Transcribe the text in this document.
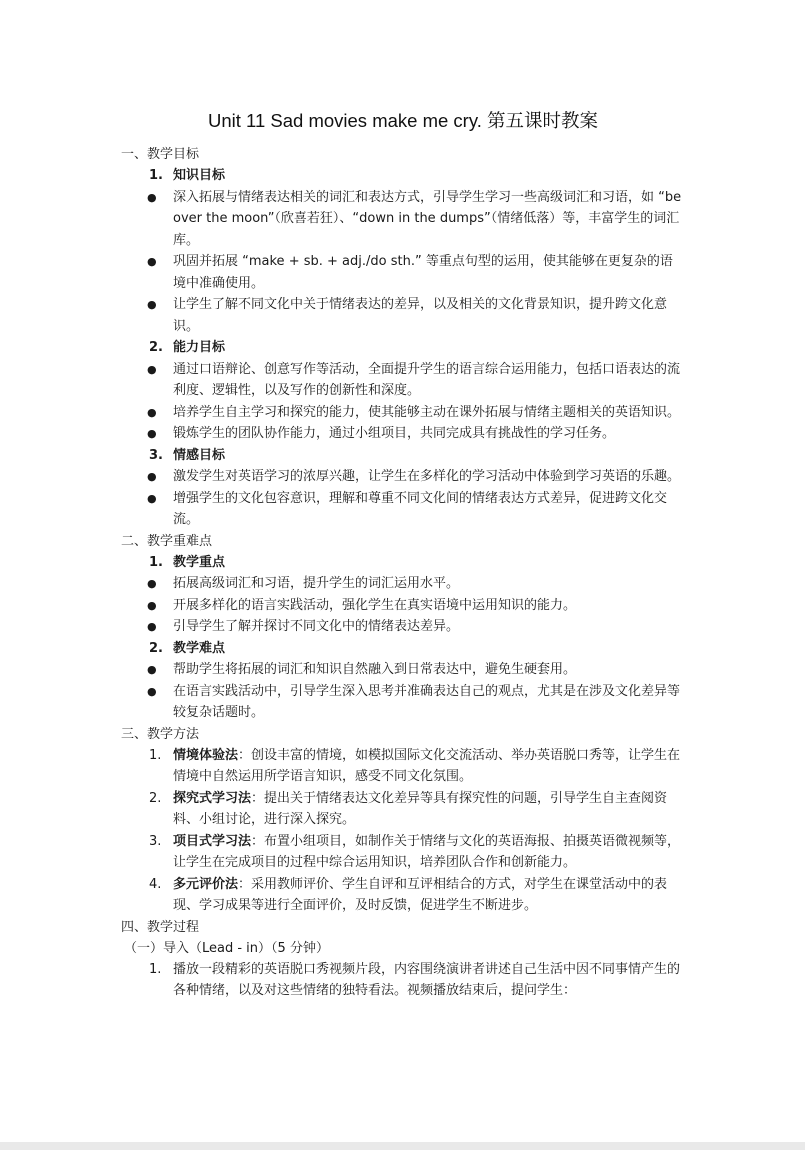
Unit 11 Sad movies make me cry. 第五课时教案
一、教学目标
1. 知识目标
● 深入拓展与情绪表达相关的词汇和表达方式，引导学生学习一些高级词汇和习语，如 “be over the moon”（欣喜若狂）、“down in the dumps”（情绪低落）等，丰富学生的词汇库。
● 巩固并拓展 “make + sb. + adj./do sth.” 等重点句型的运用，使其能够在更复杂的语境中准确使用。
● 让学生了解不同文化中关于情绪表达的差异，以及相关的文化背景知识，提升跨文化意识。
2. 能力目标
● 通过口语辩论、创意写作等活动，全面提升学生的语言综合运用能力，包括口语表达的流利度、逻辑性，以及写作的创新性和深度。
● 培养学生自主学习和探究的能力，使其能够主动在课外拓展与情绪主题相关的英语知识。
● 锻炼学生的团队协作能力，通过小组项目，共同完成具有挑战性的学习任务。
3. 情感目标
● 激发学生对英语学习的浓厚兴趣，让学生在多样化的学习活动中体验到学习英语的乐趣。
● 增强学生的文化包容意识，理解和尊重不同文化间的情绪表达方式差异，促进跨文化交流。
二、教学重难点
1. 教学重点
● 拓展高级词汇和习语，提升学生的词汇运用水平。
● 开展多样化的语言实践活动，强化学生在真实语境中运用知识的能力。
● 引导学生了解并探讨不同文化中的情绪表达差异。
2. 教学难点
● 帮助学生将拓展的词汇和知识自然融入到日常表达中，避免生硬套用。
● 在语言实践活动中，引导学生深入思考并准确表达自己的观点，尤其是在涉及文化差异等较复杂话题时。
三、教学方法
1. 情境体验法：创设丰富的情境，如模拟国际文化交流活动、举办英语脱口秀等，让学生在情境中自然运用所学语言知识，感受不同文化氛围。
2. 探究式学习法：提出关于情绪表达文化差异等具有探究性的问题，引导学生自主查阅资料、小组讨论，进行深入探究。
3. 项目式学习法：布置小组项目，如制作关于情绪与文化的英语海报、拍摄英语微视频等，让学生在完成项目的过程中综合运用知识，培养团队合作和创新能力。
4. 多元评价法：采用教师评价、学生自评和互评相结合的方式，对学生在课堂活动中的表现、学习成果等进行全面评价，及时反馈，促进学生不断进步。
四、教学过程
（一）导入（Lead - in）（5 分钟）
1. 播放一段精彩的英语脱口秀视频片段，内容围绕演讲者讲述自己生活中因不同事情产生的各种情绪，以及对这些情绪的独特看法。视频播放结束后，提问学生：
